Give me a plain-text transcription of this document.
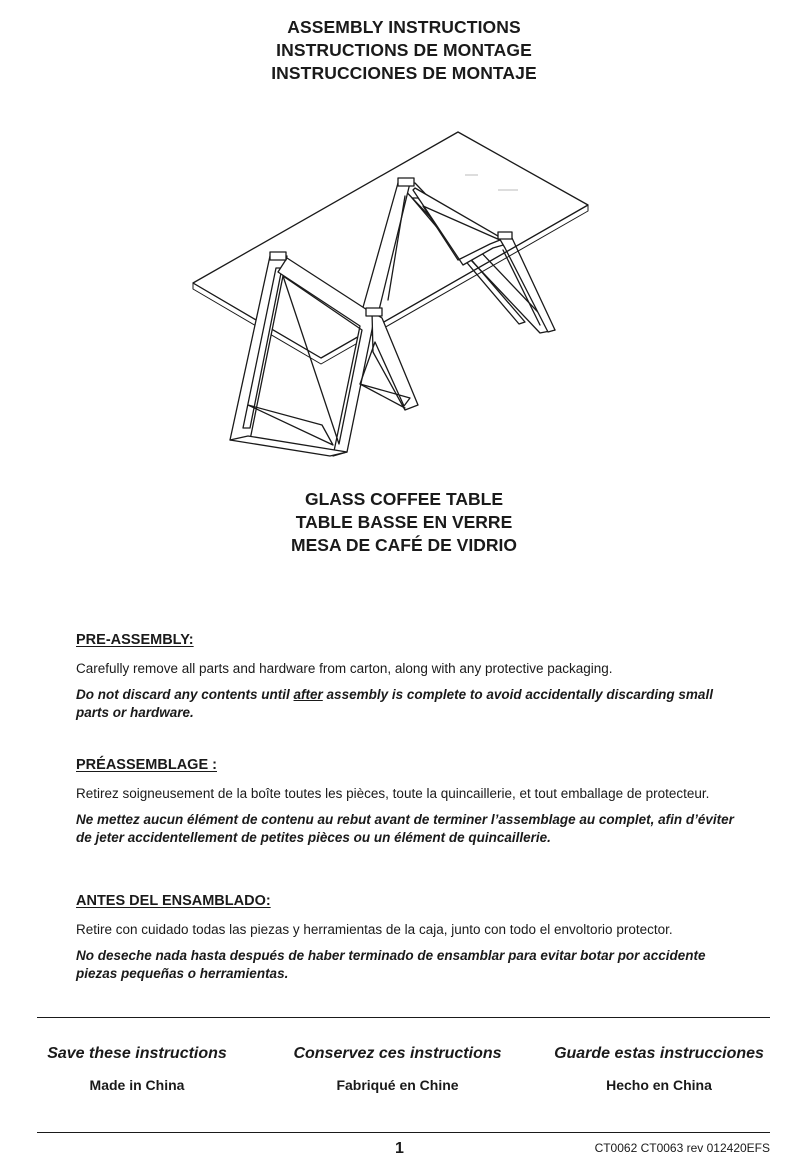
ASSEMBLY INSTRUCTIONS
INSTRUCTIONS DE MONTAGE
INSTRUCCIONES DE MONTAJE
GLASS COFFEE TABLE
TABLE BASSE EN VERRE
MESA DE CAFÉ DE VIDRIO
PRE-ASSEMBLY:

Carefully remove all parts and hardware from carton, along with any protective packaging.

Do not discard any contents until after assembly is complete to avoid accidentally discarding small parts or hardware.

PRÉASSEMBLAGE :

Retirez soigneusement de la boîte toutes les pièces, toute la quincaillerie, et tout emballage de protecteur.

Ne mettez aucun élément de contenu au rebut avant de terminer l’assemblage au complet, afin d’éviter de jeter accidentellement de petites pièces ou un élément de quincaillerie.

ANTES DEL ENSAMBLADO:

Retire con cuidado todas las piezas y herramientas de la caja, junto con todo el envoltorio protector.

No deseche nada hasta después de haber terminado de ensamblar para evitar botar por accidente piezas pequeñas o herramientas.

Save these instructions
Made in China
Conservez ces instructions
Fabriqué en Chine
Guarde estas instrucciones
Hecho en China
1	CT0062 CT0063 rev 012420EFS
